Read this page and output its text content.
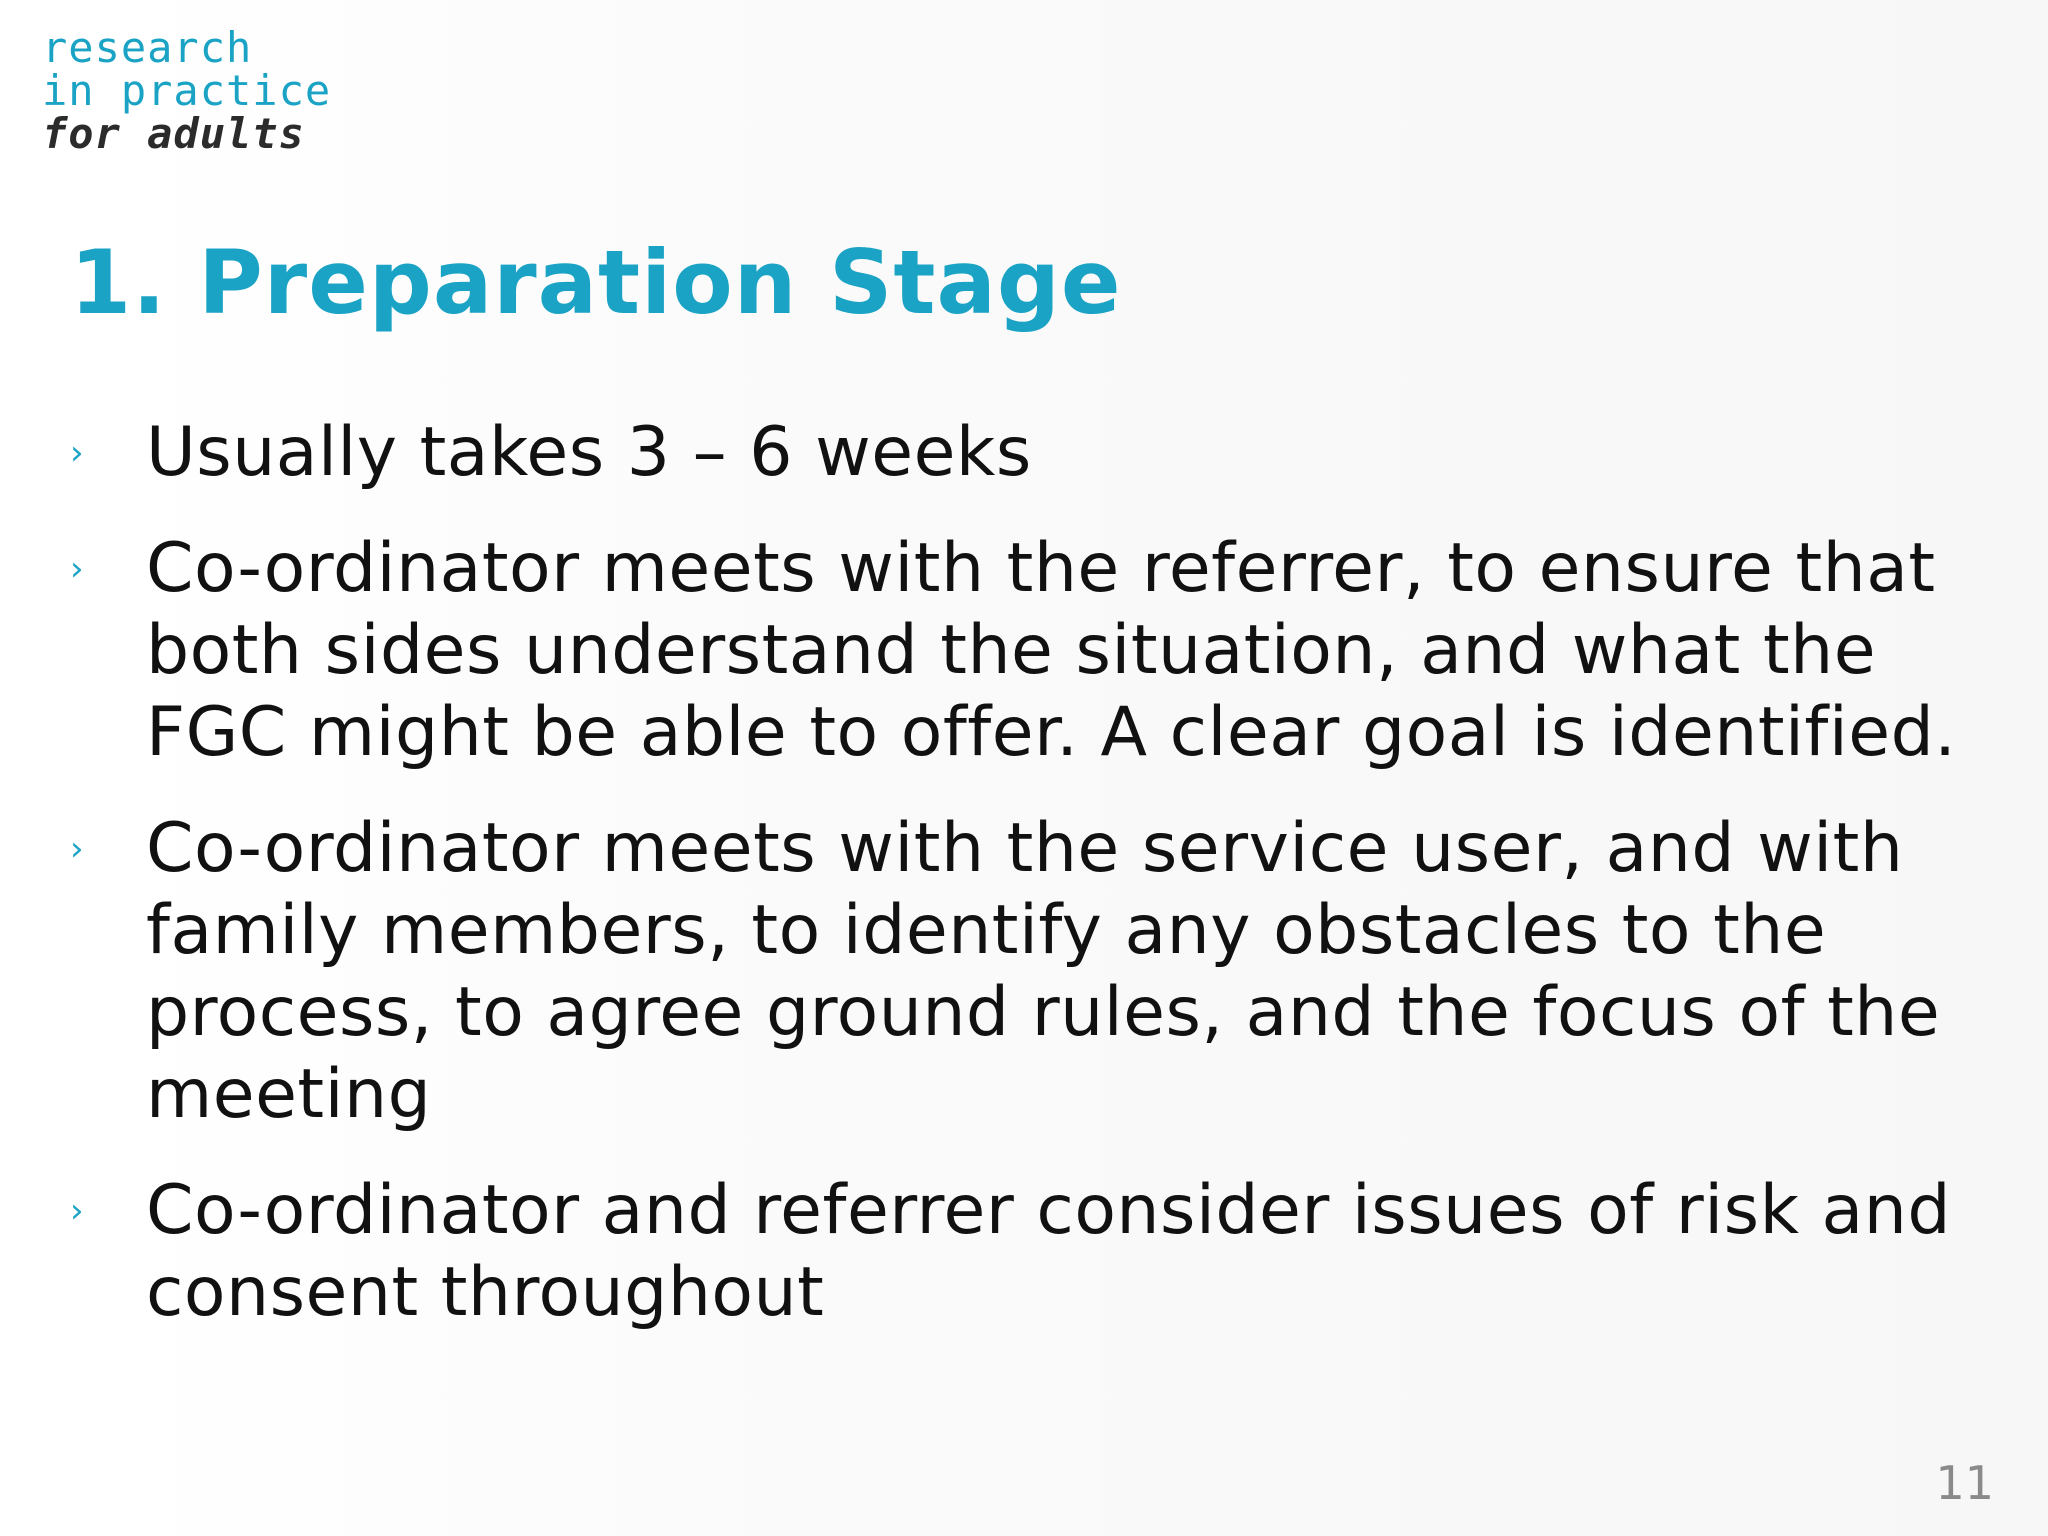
research
in practice
for adults
1. Preparation Stage
› Usually takes 3 – 6 weeks
› Co-ordinator meets with the referrer, to ensure that both sides understand the situation, and what the FGC might be able to offer. A clear goal is identified.
› Co-ordinator meets with the service user, and with family members, to identify any obstacles to the process, to agree ground rules, and the focus of the meeting
› Co-ordinator and referrer consider issues of risk and consent throughout
11
